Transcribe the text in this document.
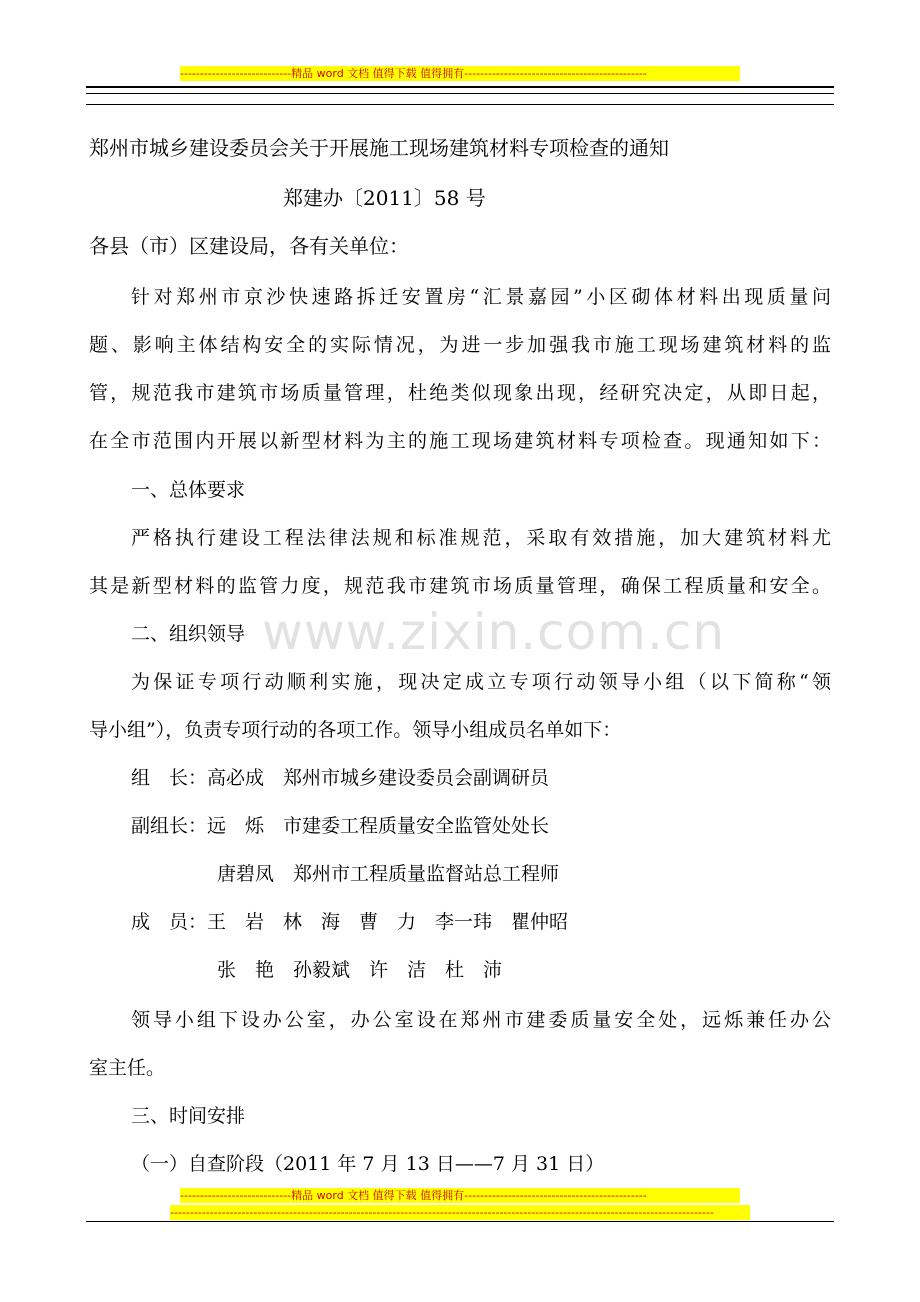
----------------------------精品 word 文档 值得下载 值得拥有----------------------------------------------
www.zixin.com.cn
郑州市城乡建设委员会关于开展施工现场建筑材料专项检查的通知
郑建办〔2011〕58 号
各县（市）区建设局，各有关单位：
针对郑州市京沙快速路拆迁安置房“汇景嘉园”小区砌体材料出现质量问
题、影响主体结构安全的实际情况，为进一步加强我市施工现场建筑材料的监
管，规范我市建筑市场质量管理，杜绝类似现象出现，经研究决定，从即日起，
在全市范围内开展以新型材料为主的施工现场建筑材料专项检查。现通知如下：
一、总体要求
严格执行建设工程法律法规和标准规范，采取有效措施，加大建筑材料尤
其是新型材料的监管力度，规范我市建筑市场质量管理，确保工程质量和安全。
二、组织领导
为保证专项行动顺利实施，现决定成立专项行动领导小组（以下简称“领
导小组”），负责专项行动的各项工作。领导小组成员名单如下：
组　长：高必成　郑州市城乡建设委员会副调研员
副组长：远　烁　市建委工程质量安全监管处处长
唐碧凤　郑州市工程质量监督站总工程师
成　员：王　岩　林　海　曹　力　李一玮　瞿仲昭
张　艳　孙毅斌　许　洁　杜　沛
领导小组下设办公室，办公室设在郑州市建委质量安全处，远烁兼任办公
室主任。
三、时间安排
（一）自查阶段（2011 年 7 月 13 日——7 月 31 日）
----------------------------精品 word 文档 值得下载 值得拥有----------------------------------------------
-----------------------------------------------------------------------------------------------------------------------------------------
